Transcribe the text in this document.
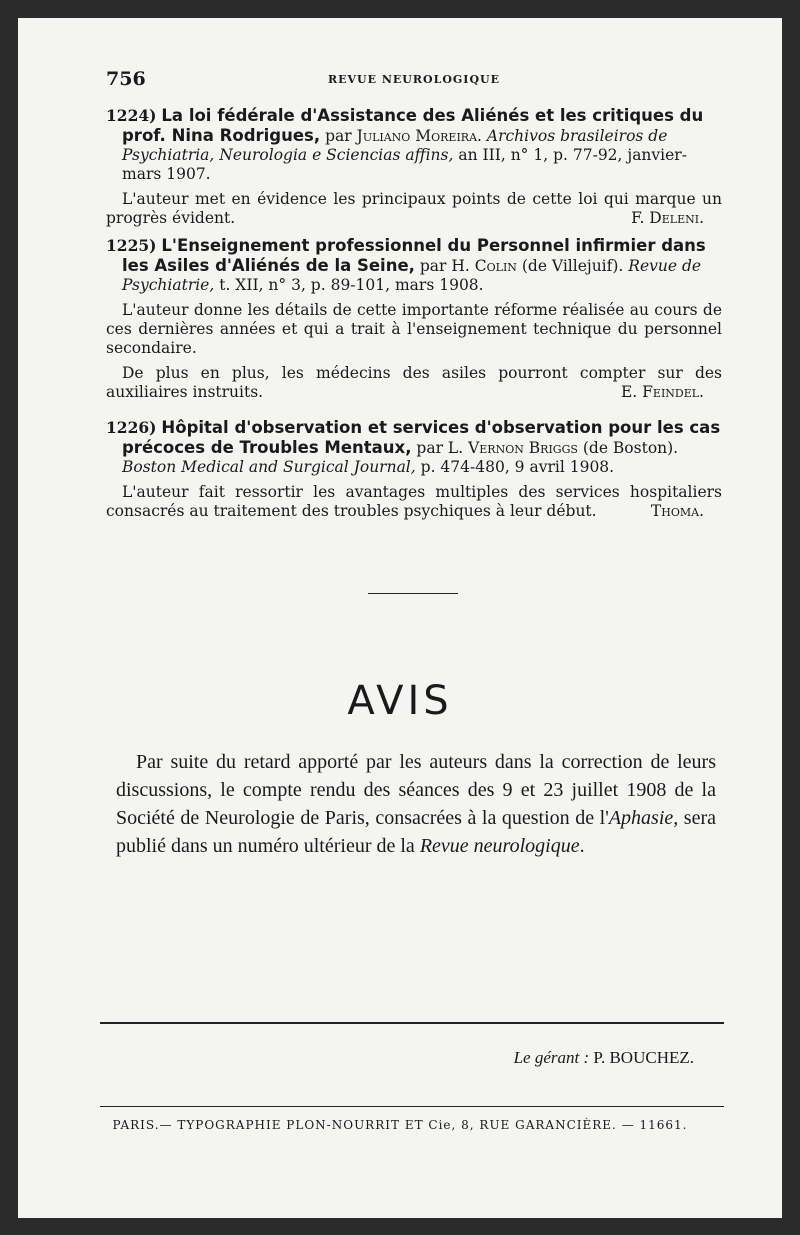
756	REVUE NEUROLOGIQUE

1224) La loi fédérale d'Assistance des Aliénés et les critiques du prof. Nina Rodrigues, par Juliano Moreira. Archivos brasileiros de Psychiatria, Neurologia e Sciencias affins, an III, n° 1, p. 77-92, janvier-mars 1907.

L'auteur met en évidence les principaux points de cette loi qui marque un progrès évident.	F. Deleni.

1225) L'Enseignement professionnel du Personnel infirmier dans les Asiles d'Aliénés de la Seine, par H. Colin (de Villejuif). Revue de Psychiatrie, t. XII, n° 3, p. 89-101, mars 1908.

L'auteur donne les détails de cette importante réforme réalisée au cours de ces dernières années et qui a trait à l'enseignement technique du personnel secondaire.

De plus en plus, les médecins des asiles pourront compter sur des auxiliaires instruits.	E. Feindel.

1226) Hôpital d'observation et services d'observation pour les cas précoces de Troubles Mentaux, par L. Vernon Briggs (de Boston). Boston Medical and Surgical Journal, p. 474-480, 9 avril 1908.

L'auteur fait ressortir les avantages multiples des services hospitaliers consacrés au traitement des troubles psychiques à leur début.	Thoma.

AVIS

Par suite du retard apporté par les auteurs dans la correction de leurs discussions, le compte rendu des séances des 9 et 23 juillet 1908 de la Société de Neurologie de Paris, consacrées à la question de l'Aphasie, sera publié dans un numéro ultérieur de la Revue neurologique.

Le gérant : P. BOUCHEZ.
PARIS.— TYPOGRAPHIE PLON-NOURRIT ET Cie, 8, RUE GARANCIÈRE. — 11661.
